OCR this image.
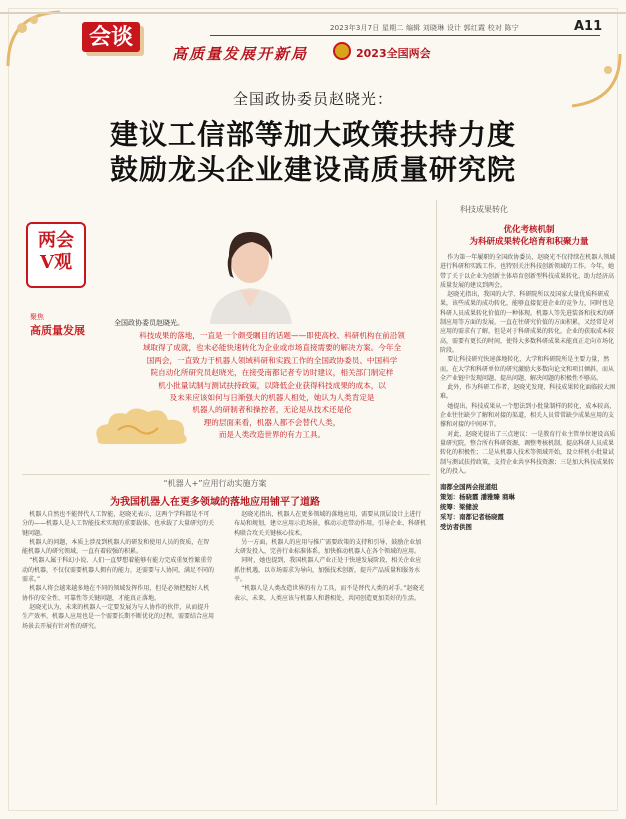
会谈	2023年3月7日 星期二 编辑 刘晓琳 设计 郭红霞 校对 陈宁	A11
高质量发展开新局	2023全国两会
全国政协委员赵晓光：
建议工信部等加大政策扶持力度
鼓励龙头企业建设高质量研究院
两会
V观
聚焦
高质量发展
全国政协委员赵晓光。

科技成果的落地，一直是一个颇受瞩目的话题——即使高校、科研机构在前沿领

域取得了成就，也未必能快速转化为企业或市场直接需要的解决方案。今年全

国两会，一直致力于机器人领域科研和实践工作的全国政协委员、中国科学

院自动化所研究员赵晓光，在接受南都记者专访时建议，相关部门制定样

机小批量试制与测试扶持政策，以降低企业获得科技成果的成本，以

及未来应该如何与日渐强大的机器人相处，她认为人类肯定是

机器人的研制者和操控者，无论是从技术还是伦

理的层面来看，机器人都不会替代人类，

而是人类改造世界的有力工具。

科技成果转化
优化考核机制
为科研成果转化培育和积聚力量

作为第一年履职的全国政协委员，赵晓光不仅持续在机器人领域进行科研和实践工作，也特别关注科技创新领域的工作。今年，她带了关于以企业为创新主体培育创新型科技成果转化、助力经济高质量发展的建议到两会。

赵晓光指出，我国的大学、科研院所以及国家大量优质科研成果，该些成果的成功转化，能够直接促进企业的竞争力，同时也是科研人员成果转化价值的一种体现。机器人等先进装备和技术的研制应用等方面的发展，一直在往研究价值的方面积累，又经常是对应用的需求有了解，但是对于科研成果的转化，企业的获取成本较高，需要有更长的时间，使得大多数科研成果未能真正走向市场化阶段。

要让科技研究快速落地转化，大学和科研院所是主要力量，然而，在大学和科研单位的研究激励大多数向论文和项目倾斜，而从全产业链中发现问题、提出问题、解决问题的积极性不够高。

此外，作为科研工作者，赵晓光发现，科技成果转化面临较大困难。

她提出，科技成果从一个想法到小批量制样的转化，成本较高，企业往往缺少了解和对接的渠道，相关人员常常缺少成果应用的支撑和对接的中间环节。

对此，赵晓光提出了三点建议：一是教育行业主管单位建设高质量研究院，整合所有科研资源，调整考核机制，提高科研人员成果转化的积极性；二是从机器人技术等领域开始，设立样机小批量试制与测试扶持政策，支持企业共享科技资源；三是加大科技成果转化的投入。

南都全国两会报道组
策划：杨晓霞 潘雅臻 商琳
统筹：梁健波
采写：南都记者杨晓霞
受访者供图
“机器人+”应用行动实施方案
为我国机器人在更多领域的落地应用铺平了道路

机器人自然也不能替代人工智能，赵晓光表示，这两个学科都是不可分的——机器人是人工智能技术实现的重要载体，也承载了大量研究的关键问题。

机器人的问题，本质上涉及到机器人的研发和使用人员的资质，在智能机器人的研究领域，一直有着较强的积累。

“机器人属于科幻小说、人们一直梦想着能够有能力完成重复性繁重劳动的机器，不仅仅需要机器人拥有的能力，还需要与人协同，满足不同的需求。”

机器人将会越来越多地在不同的领域发挥作用，但是必须把握好人机协作的安全性、可靠性等关键问题，才能真正落地。

赵晓光认为，未来的机器人一定要发展为与人协作的伙伴，从而提升生产效率，机器人应用也是一个需要长期不断优化的过程，需要结合应用场景去开展有针对性的研究。

赵晓光指出，机器人在更多领域的落地应用，需要从顶层设计上进行布局和规划，建立应用示范场景，推动示范带动作用，引导企业、科研机构联合攻关关键核心技术。

另一方面，机器人的应用与推广需要政策的支持和引导，鼓励企业加大研发投入，完善行业标准体系，加快推动机器人在各个领域的应用。

同时，她也提到，我国机器人产业正处于快速发展阶段，相关企业应抓住机遇，以市场需求为导向，加强技术创新，提升产品质量和服务水平。

“机器人是人类改造世界的有力工具，而不是替代人类的对手。”赵晓光表示，未来，人类应该与机器人和谐相处，共同创造更加美好的生活。
